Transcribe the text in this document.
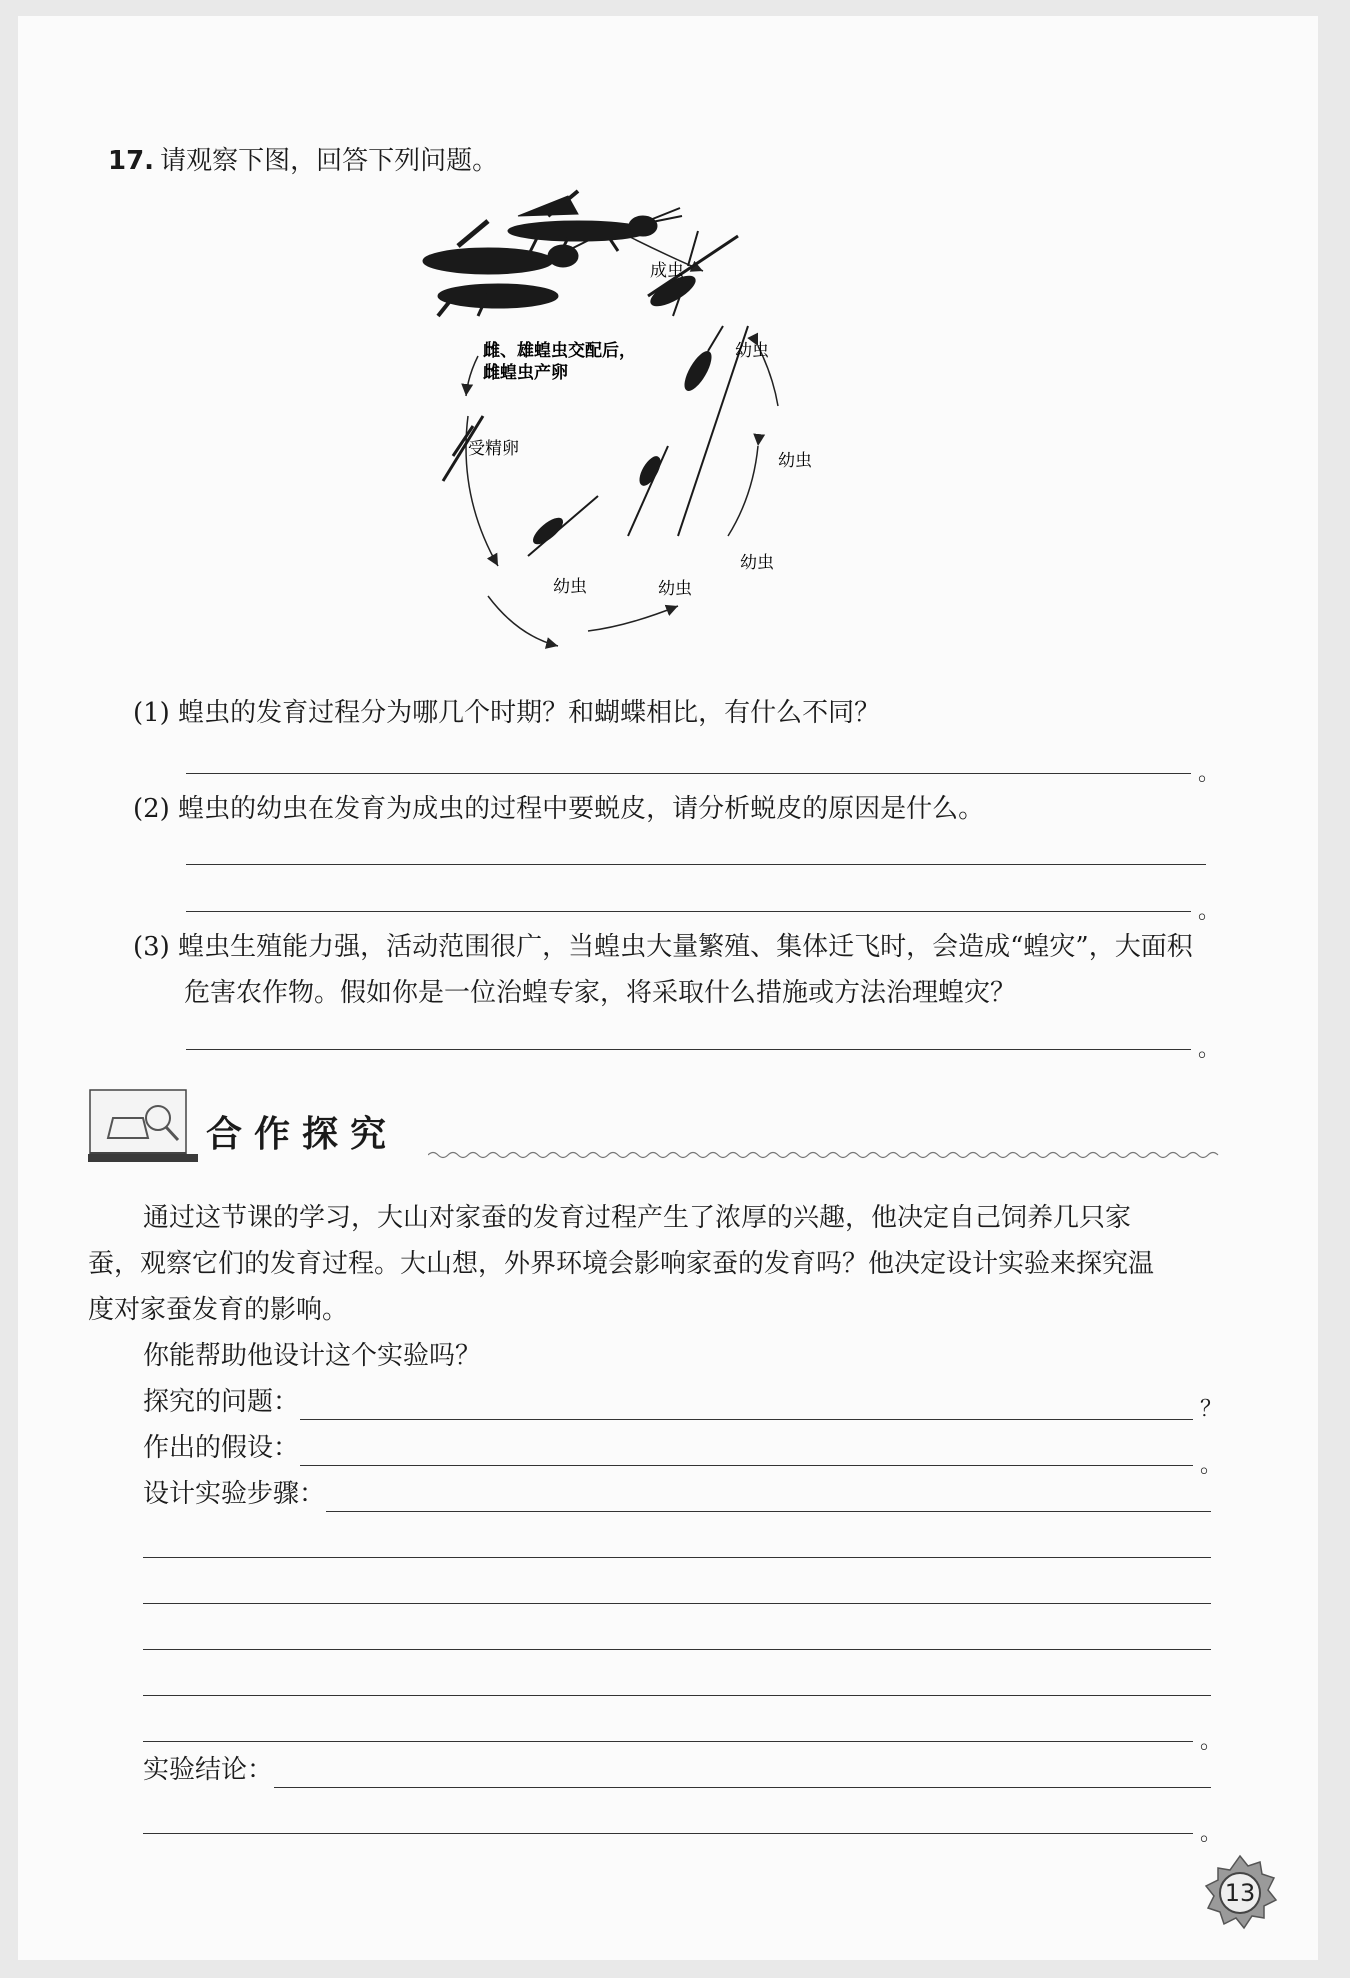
17. 请观察下图，回答下列问题。
成虫
雌、雄蝗虫交配后，
雌蝗虫产卵
受精卵
幼虫
幼虫
幼虫
幼虫
幼虫
(1) 蝗虫的发育过程分为哪几个时期？和蝴蝶相比，有什么不同？
。
(2) 蝗虫的幼虫在发育为成虫的过程中要蜕皮，请分析蜕皮的原因是什么。
。
(3) 蝗虫生殖能力强，活动范围很广，当蝗虫大量繁殖、集体迁飞时，会造成“蝗灾”，大面积
危害农作物。假如你是一位治蝗专家，将采取什么措施或方法治理蝗灾？
。
合 作 探 究
通过这节课的学习，大山对家蚕的发育过程产生了浓厚的兴趣，他决定自己饲养几只家
蚕，观察它们的发育过程。大山想，外界环境会影响家蚕的发育吗？他决定设计实验来探究温
度对家蚕发育的影响。
你能帮助他设计这个实验吗？
探究的问题：	？
作出的假设：
。
设计实验步骤：
。
实验结论：
。
13
